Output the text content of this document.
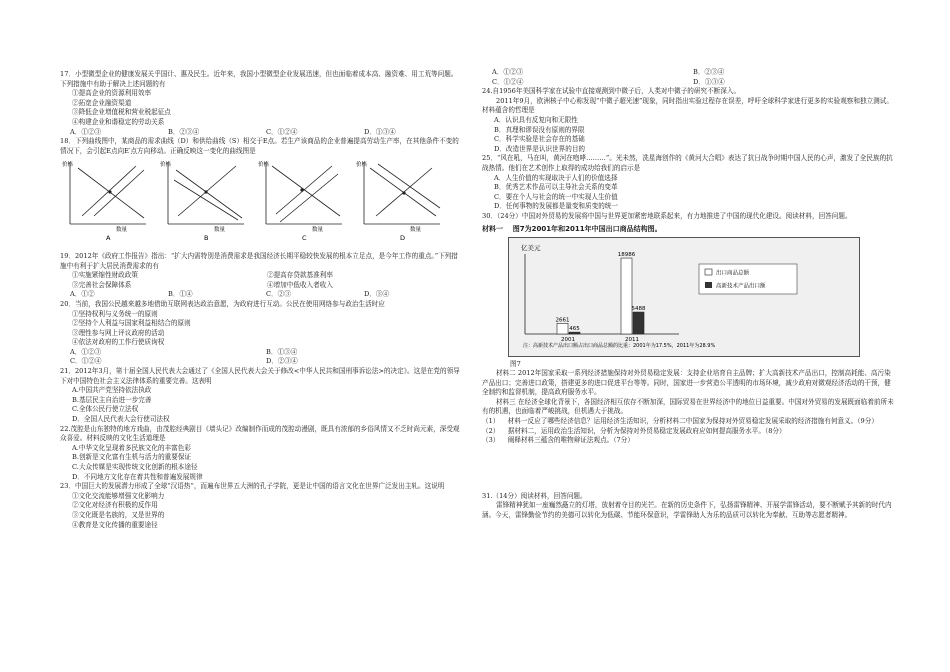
17．小型微型企业的健康发展关乎国计、惠及民生。近年来，我国小型微型企业发展迅速，但也面临着成本高、融资难、用工荒等问题。下列措施中有助于解决上述问题的有
①提高企业的资源利用效率
②拓宽企业融资渠道
③降低企业增值税和营业税起征点
④构建企业和谐稳定的劳动关系
A．①②③	B．②③④	C．①②④	D．①③④
18．下列曲线图中，某商品的需求曲线（D）和供给曲线（S）相交于E点。若生产该商品的企业普遍提高劳动生产率，在其他条件不变的情况下，会引起E点向E′点方向移动。正确反映这一变化的曲线图是
价格
数量
A
价格
数量
B
价格
数量
C
价格
数量
D
19．2012年《政府工作报告》指出：“扩大内需特别是消费需求是我国经济长期平稳较快发展的根本立足点，是今年工作的重点。”下列措施中有利于扩大居民消费需求的有
①实施紧缩性财政政策	②提高存贷款基准利率
③完善社会保障体系	④增加中低收入者收入
A．①②	B．①④	C．②③	D．③④
20．当前，我国公民越来越多地借助互联网表达政治意愿，为政府进行互动。公民在使用网络参与政治生活时应
①坚持权利与义务统一的原则
②坚持个人利益与国家利益相结合的原则
③理性参与网上评议政府的活动
④依法对政府的工作行使质询权
A．①②③	B．①③④
C．①②④	D．②③④
21．2012年3月，第十届全国人民代表大会通过了《全国人民代表大会关于修改<中华人民共和国刑事诉讼法>的决定》。这是在党的领导下对中国特色社会主义法律体系的重要完善。这表明
A.中国共产党坚持依法执政
B.基层民主自治进一步完善
C.全体公民行使立法权
D．全国人民代表大会行使司法权
22.茂腔是山东独特的地方戏曲，由茂腔经典剧目《墙头记》改编制作而成的茂腔动漫剧，既具有浓郁的乡俗风情又不乏时尚元素，深受观众喜爱。材料反映的文化生活道理是
A.中华文化呈现着多民族文化的丰富色彩
B.创新是文化富有生机与活力的重要保证
C.大众传媒是实现传统文化创新的根本途径
D．不同地方文化存在着共性和普遍发展规律
23．中国巨大的发展潜力形成了全球“汉语热”，而遍布世界五大洲的孔子学院，更是让中国的语言文化在世界广泛发出主轧。这说明
①文化交流能够增强文化影响力
②文化对经济有积极的反作用
③文化既是名族的，又是世界的
④教育是文化传播的重要途径
A．①②③	B．②③④
C．①②④	D．①③④
24.自1956年美国科学家在试验中直接观测到中微子后，人类对中微子的研究不断深入。
2011年9月，欧洲核子中心称发现“中微子超光速”现象，同时指出实验过程存在误差，呼吁全球科学家进行更多的实验观察和独立测试。材料蕴含的哲理是
A．认识具有反复向和无限性
B．真理和谬误没有原则的界限
C．科学实验是社会存在的基础
D．改造世界是认识世界的目的
25．“风在吼，马在叫，黄河在咆哮………”。光未然，冼星海创作的《黄河大合唱》表达了抗日战争时期中国人民的心声，激发了全民族的抗战热情。他们在艺术创作上取得的成功给我们的启示是
A．人生价值的实现取决于人们的价值选择
B．优秀艺术作品可以主导社会关系的变革
C．要在个人与社会的统一中实现人生价值
D．任何事物的发展都是量变和质变的统一
30．（24分）中国对外贸易的发展将中国与世界更加紧密地联系起来，有力地推进了中国的现代化建设。阅读材料，回答问题。
材料一 图7为2001年和2011年中国出口商品结构图。
亿美元
2661
465
2001
18986
5488
2011
出口商品总额
高新技术产品出口额
注：高新技术产品出口额占出口商品总额的比重：2001年为17.5%，2011年为28.9%
图7
材料二 2012年国家采取一系列经济措施保持对外贸易稳定发展：支持企业培育自主品牌；扩大高新技术产品出口，控制高耗能、高污染产品出口；完善进口政策，搭建更多的进口促进平台等等。同时，国家进一步营造公平透明的市场环境，减少政府对微观经济活动的干预，健全制约和监督机制，提高政府服务水平。
材料三 在经济全球化背景下，各国经济相互依存不断加深，国际贸易在世界经济中的地位日益重要。中国对外贸易的发展既面临着前所未有的机遇，也面临着严峻挑战，但机遇大于挑战。
（1）    材料一反应了哪些经济信息？运用经济生活知识，分析材料二中国家为保持对外贸易稳定发展采取的经济措施有何意义。（9分）
（2）    据材料二，运用政治生活知识，分析为保持对外贸易稳定发展政府应如何提高服务水平。（8分）
（3）    阐释材料三蕴含的唯物辩证法观点。（7分）
31.（14分）阅读材料，回答问题。
雷锋精神犹如一座巍然矗立的灯塔，放射着夺目的光芒。在新的历史条件下，弘扬雷锋精神、开展学雷锋活动，要不断赋予其新的时代内涵。今天，雷锋勤俭节约的美德可以转化为低碳、节能环保意识，学雷锋助人为乐的品质可以转化为奉献、互助等志愿者精神。
